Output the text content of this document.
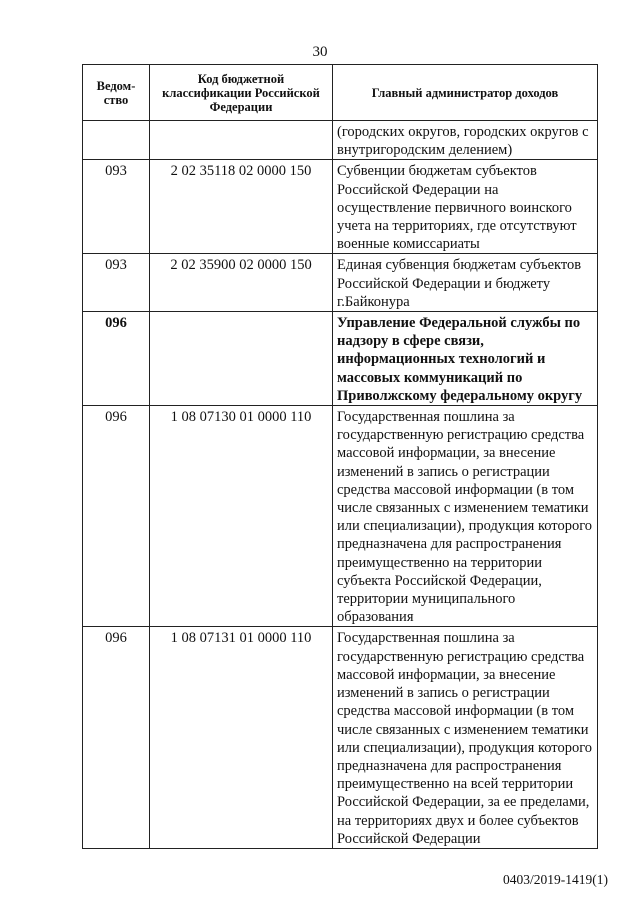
30
Ведом-ство	Код бюджетной классификации Российской Федерации	Главный администратор доходов
		(городских округов, городских округов с внутригородским делением)
093	2 02 35118 02 0000 150	Субвенции бюджетам субъектов Российской Федерации на осуществление первичного воинского учета на территориях, где отсутствуют военные комиссариаты
093	2 02 35900 02 0000 150	Единая субвенция бюджетам субъектов Российской Федерации и бюджету г.Байконура
096		Управление Федеральной службы по надзору в сфере связи, информационных технологий и массовых коммуникаций по Приволжскому федеральному округу
096	1 08 07130 01 0000 110	Государственная пошлина за государственную регистрацию средства массовой информации, за внесение изменений в запись о регистрации средства массовой информации (в том числе связанных с изменением тематики или специализации), продукция которого предназначена для распространения преимущественно на территории субъекта Российской Федерации, территории муниципального образования
096	1 08 07131 01 0000 110	Государственная пошлина за государственную регистрацию средства массовой информации, за внесение изменений в запись о регистрации средства массовой информации (в том числе связанных с изменением тематики или специализации), продукция которого предназначена для распространения преимущественно на всей территории Российской Федерации, за ее пределами, на территориях двух и более субъектов Российской Федерации
0403/2019-1419(1)
